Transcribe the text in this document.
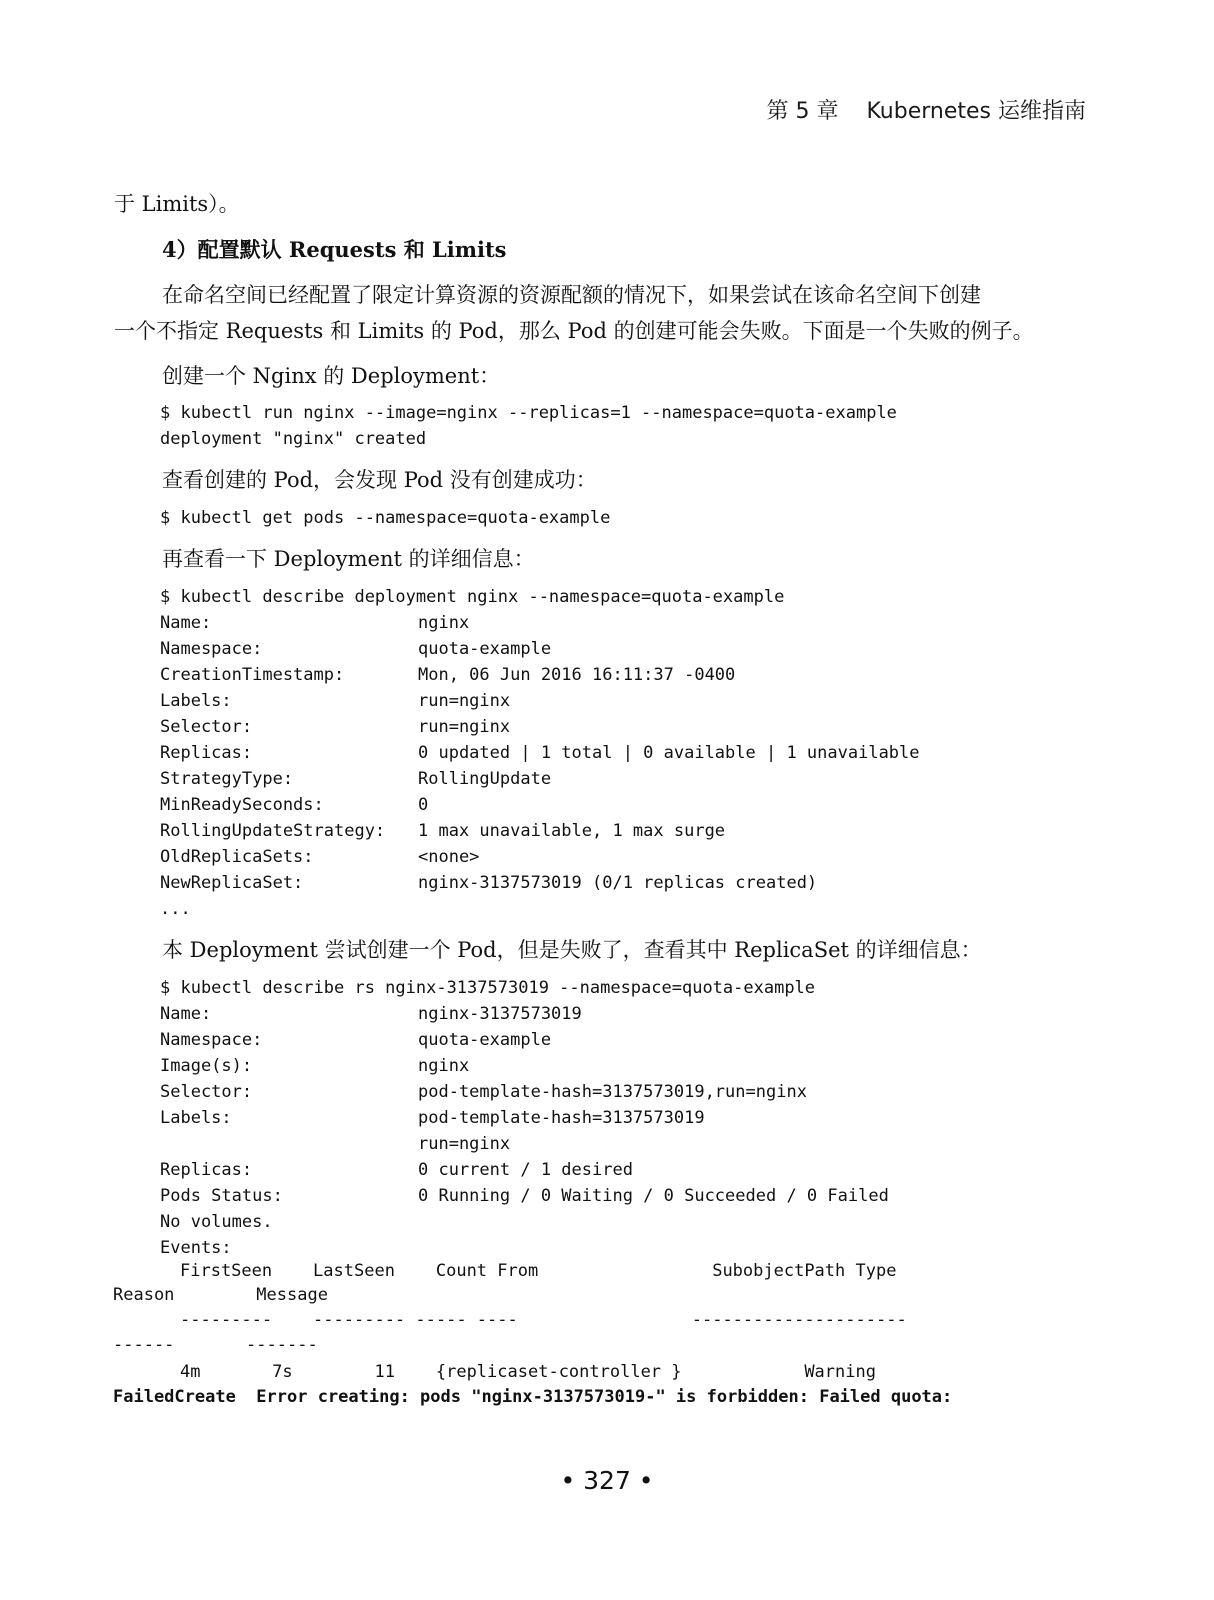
第 5 章    Kubernetes 运维指南
于 Limits）。
4）配置默认 Requests 和 Limits
在命名空间已经配置了限定计算资源的资源配额的情况下，如果尝试在该命名空间下创建
一个不指定 Requests 和 Limits 的 Pod，那么 Pod 的创建可能会失败。下面是一个失败的例子。
创建一个 Nginx 的 Deployment：
$ kubectl run nginx --image=nginx --replicas=1 --namespace=quota-example
deployment "nginx" created
查看创建的 Pod，会发现 Pod 没有创建成功：
$ kubectl get pods --namespace=quota-example
再查看一下 Deployment 的详细信息：
$ kubectl describe deployment nginx --namespace=quota-example
Name:	nginx
Namespace:	quota-example
CreationTimestamp:	Mon, 06 Jun 2016 16:11:37 -0400
Labels:	run=nginx
Selector:	run=nginx
Replicas:	0 updated | 1 total | 0 available | 1 unavailable
StrategyType:	RollingUpdate
MinReadySeconds:	0
RollingUpdateStrategy: 1 max unavailable, 1 max surge
OldReplicaSets:	<none>
NewReplicaSet:	nginx-3137573019 (0/1 replicas created)
...
本 Deployment 尝试创建一个 Pod，但是失败了，查看其中 ReplicaSet 的详细信息：
$ kubectl describe rs nginx-3137573019 --namespace=quota-example
Name:	nginx-3137573019
Namespace:	quota-example
Image(s):	nginx
Selector:	pod-template-hash=3137573019,run=nginx
Labels:	pod-template-hash=3137573019
run=nginx
Replicas:	0 current / 1 desired
Pods Status:	0 Running / 0 Waiting / 0 Succeeded / 0 Failed
No volumes.
Events:
FirstSeen    LastSeen    Count From                 SubobjectPath Type
Reason        Message
---------    --------- ----- ----                 ---------------------
------       -------
4m       7s        11    {replicaset-controller }            Warning
FailedCreate  Error creating: pods "nginx-3137573019-" is forbidden: Failed quota:
• 327 •
